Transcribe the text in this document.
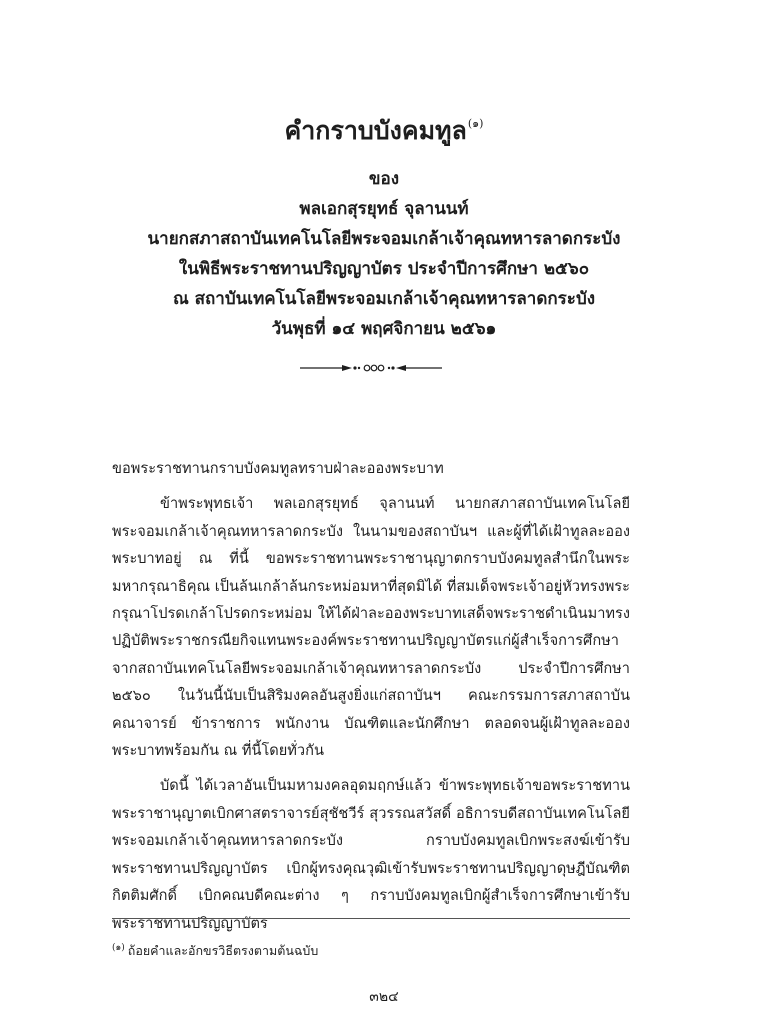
คำกราบบังคมทูล$^{(๑)}$
ของ
พลเอกสุรยุทธ์ จุลานนท์
นายกสภาสถาบันเทคโนโลยีพระจอมเกล้าเจ้าคุณทหารลาดกระบัง
ในพิธีพระราชทานปริญญาบัตร ประจำปีการศึกษา ๒๕๖๐
ณ สถาบันเทคโนโลยีพระจอมเกล้าเจ้าคุณทหารลาดกระบัง
วันพุธที่ ๑๔ พฤศจิกายน ๒๕๖๑

ขอพระราชทานกราบบังคมทูลทราบฝ่าละอองพระบาท

ข้าพระพุทธเจ้า พลเอกสุรยุทธ์ จุลานนท์ นายกสภาสถาบันเทคโนโลยีพระจอมเกล้าเจ้าคุณทหารลาดกระบัง ในนามของสถาบันฯ และผู้ที่ได้เฝ้าทูลละอองพระบาทอยู่ ณ ที่นี้ ขอพระราชทานพระราชานุญาตกราบบังคมทูลสำนึกในพระมหากรุณาธิคุณ เป็นล้นเกล้าล้นกระหม่อมหาที่สุดมิได้ ที่สมเด็จพระเจ้าอยู่หัวทรงพระกรุณาโปรดเกล้าโปรดกระหม่อม ให้ได้ฝ่าละอองพระบาทเสด็จพระราชดำเนินมาทรงปฏิบัติพระราชกรณียกิจแทนพระองค์พระราชทานปริญญาบัตรแก่ผู้สำเร็จการศึกษา จากสถาบันเทคโนโลยีพระจอมเกล้าเจ้าคุณทหารลาดกระบัง ประจำปีการศึกษา ๒๕๖๐ ในวันนี้นับเป็นสิริมงคลอันสูงยิ่งแก่สถาบันฯ คณะกรรมการสภาสถาบัน คณาจารย์ ข้าราชการ พนักงาน บัณฑิตและนักศึกษา ตลอดจนผู้เฝ้าทูลละอองพระบาทพร้อมกัน ณ ที่นี้โดยทั่วกัน

บัดนี้ ได้เวลาอันเป็นมหามงคลอุดมฤกษ์แล้ว ข้าพระพุทธเจ้าขอพระราชทานพระราชานุญาตเบิกศาสตราจารย์สุชัชวีร์ สุวรรณสวัสดิ์ อธิการบดีสถาบันเทคโนโลยีพระจอมเกล้าเจ้าคุณทหารลาดกระบัง กราบบังคมทูลเบิกพระสงฆ์เข้ารับพระราชทานปริญญาบัตร เบิกผู้ทรงคุณวุฒิเข้ารับพระราชทานปริญญาดุษฎีบัณฑิตกิตติมศักดิ์ เบิกคณบดีคณะต่าง ๆ กราบบังคมทูลเบิกผู้สำเร็จการศึกษาเข้ารับพระราชทานปริญญาบัตร

$^{(๑)}$ ถ้อยคำและอักขรวิธีตรงตามต้นฉบับ
๓๒๔
